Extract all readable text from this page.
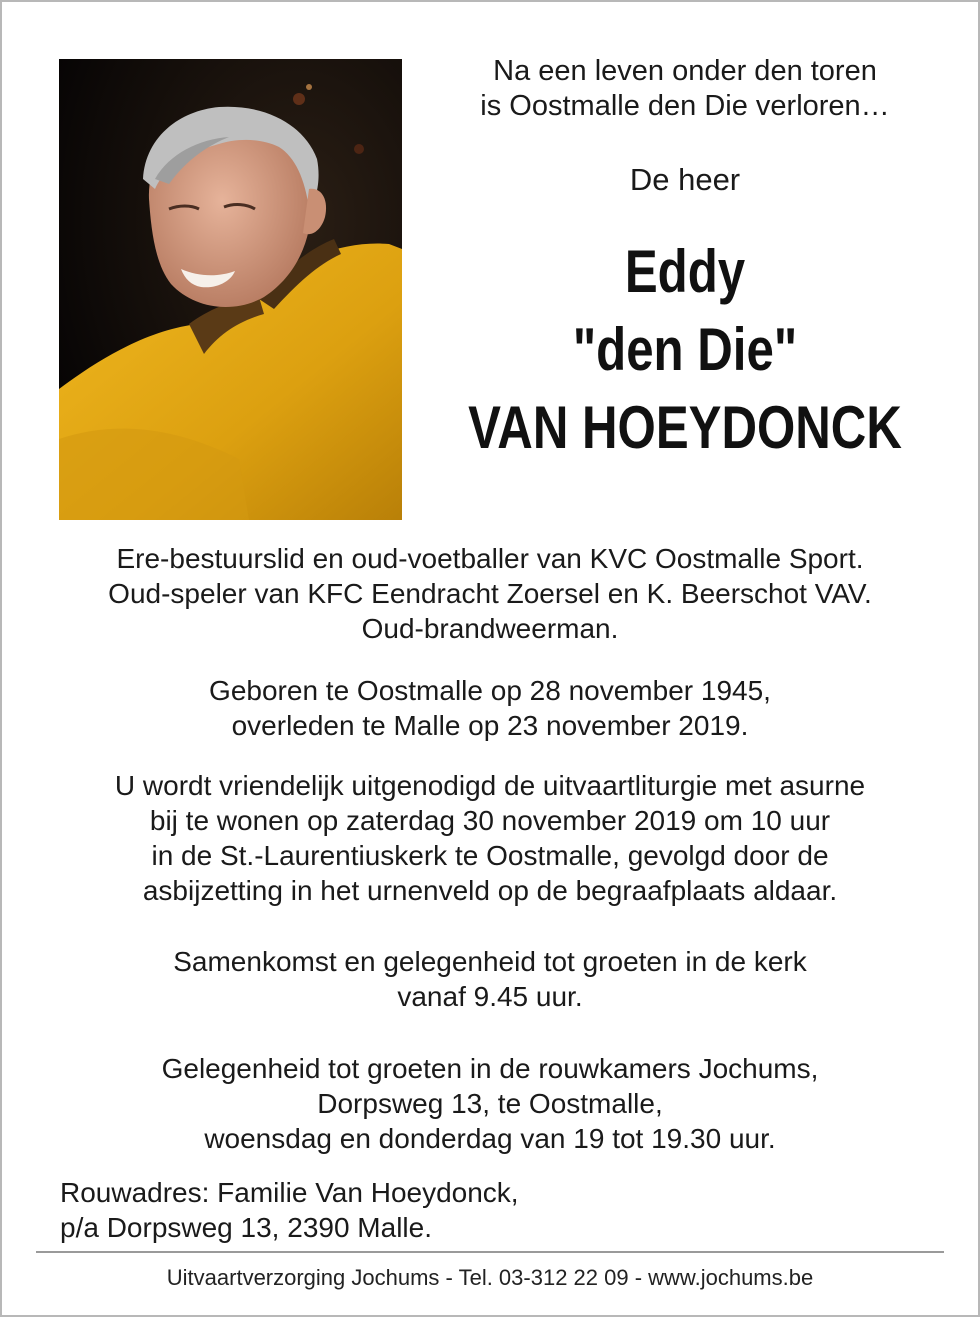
Na een leven onder den toren
is Oostmalle den Die verloren…
De heer
Eddy
"den Die"
VAN HOEYDONCK
Ere-bestuurslid en oud-voetballer van KVC Oostmalle Sport.
Oud-speler van KFC Eendracht Zoersel en K. Beerschot VAV.
Oud-brandweerman.
Geboren te Oostmalle op 28 november 1945,
overleden te Malle op 23 november 2019.
U wordt vriendelijk uitgenodigd de uitvaartliturgie met asurne
bij te wonen op zaterdag 30 november 2019 om 10 uur
in de St.-Laurentiuskerk te Oostmalle, gevolgd door de
asbijzetting in het urnenveld op de begraafplaats aldaar.
Samenkomst en gelegenheid tot groeten in de kerk
vanaf 9.45 uur.
Gelegenheid tot groeten in de rouwkamers Jochums,
Dorpsweg 13, te Oostmalle,
woensdag en donderdag van 19 tot 19.30 uur.
Rouwadres: Familie Van Hoeydonck,
p/a Dorpsweg 13, 2390 Malle.
Uitvaartverzorging Jochums - Tel. 03-312 22 09 - www.jochums.be
